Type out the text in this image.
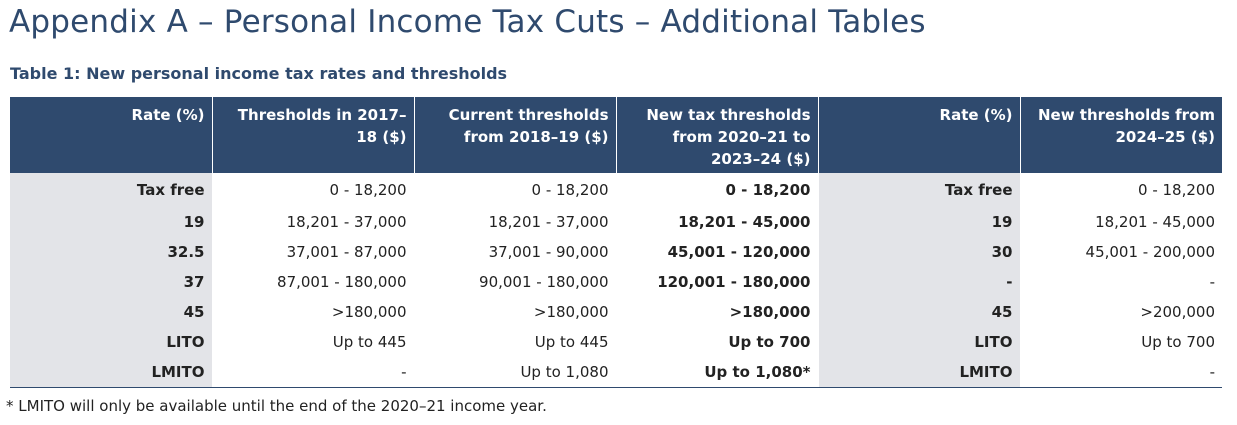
Appendix A – Personal Income Tax Cuts – Additional Tables
Table 1: New personal income tax rates and thresholds
Rate (%)	Thresholds in 2017–18 ($)	Current thresholds from 2018–19 ($)	New tax thresholds from 2020–21 to 2023–24 ($)	Rate (%)	New thresholds from 2024–25 ($)
Tax free	0 - 18,200	0 - 18,200	0 - 18,200	Tax free	0 - 18,200
19	18,201 - 37,000	18,201 - 37,000	18,201 - 45,000	19	18,201 - 45,000
32.5	37,001 - 87,000	37,001 - 90,000	45,001 - 120,000	30	45,001 - 200,000
37	87,001 - 180,000	90,001 - 180,000	120,001 - 180,000	-	-
45	>180,000	>180,000	>180,000	45	>200,000
LITO	Up to 445	Up to 445	Up to 700	LITO	Up to 700
LMITO	-	Up to 1,080	Up to 1,080*	LMITO	-

* LMITO will only be available until the end of the 2020–21 income year.
